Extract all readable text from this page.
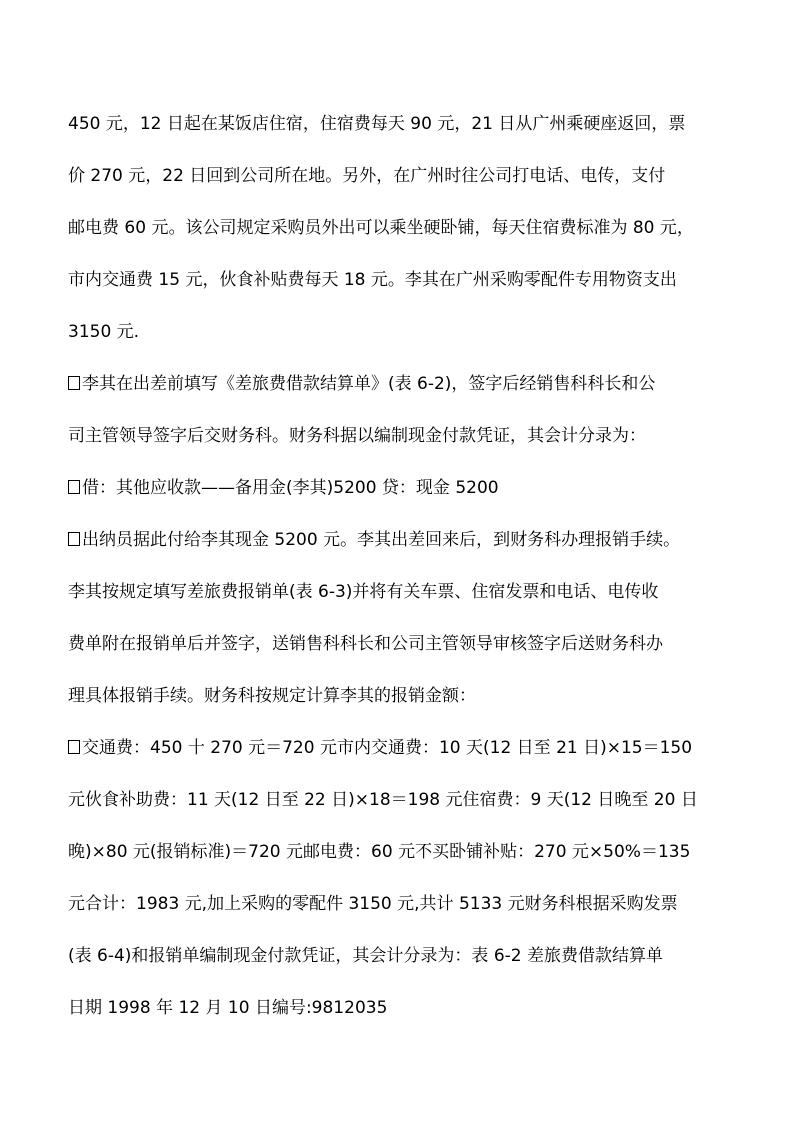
450 元，12 日起在某饭店住宿，住宿费每天 90 元，21 日从广州乘硬座返回，票
价 270 元，22 日回到公司所在地。另外，在广州时往公司打电话、电传，支付
邮电费 60 元。该公司规定采购员外出可以乘坐硬卧铺，每天住宿费标准为 80 元，
市内交通费 15 元，伙食补贴费每天 18 元。李其在广州采购零配件专用物资支出
3150 元.
李其在出差前填写《差旅费借款结算单》(表 6-2)，签字后经销售科科长和公
司主管领导签字后交财务科。财务科据以编制现金付款凭证，其会计分录为：
借：其他应收款——备用金(李其)5200 贷：现金 5200
出纳员据此付给李其现金 5200 元。李其出差回来后，到财务科办理报销手续。
李其按规定填写差旅费报销单(表 6-3)并将有关车票、住宿发票和电话、电传收
费单附在报销单后并签字，送销售科科长和公司主管领导审核签字后送财务科办
理具体报销手续。财务科按规定计算李其的报销金额：
交通费：450 十 270 元＝720 元市内交通费：10 天(12 日至 21 日)×15＝150
元伙食补助费：11 天(12 日至 22 日)×18＝198 元住宿费：9 天(12 日晚至 20 日
晚)×80 元(报销标准)＝720 元邮电费：60 元不买卧铺补贴：270 元×50%＝135
元合计：1983 元,加上采购的零配件 3150 元,共计 5133 元财务科根据采购发票
(表 6-4)和报销单编制现金付款凭证，其会计分录为：表 6-2 差旅费借款结算单
日期 1998 年 12 月 10 日编号:9812035
